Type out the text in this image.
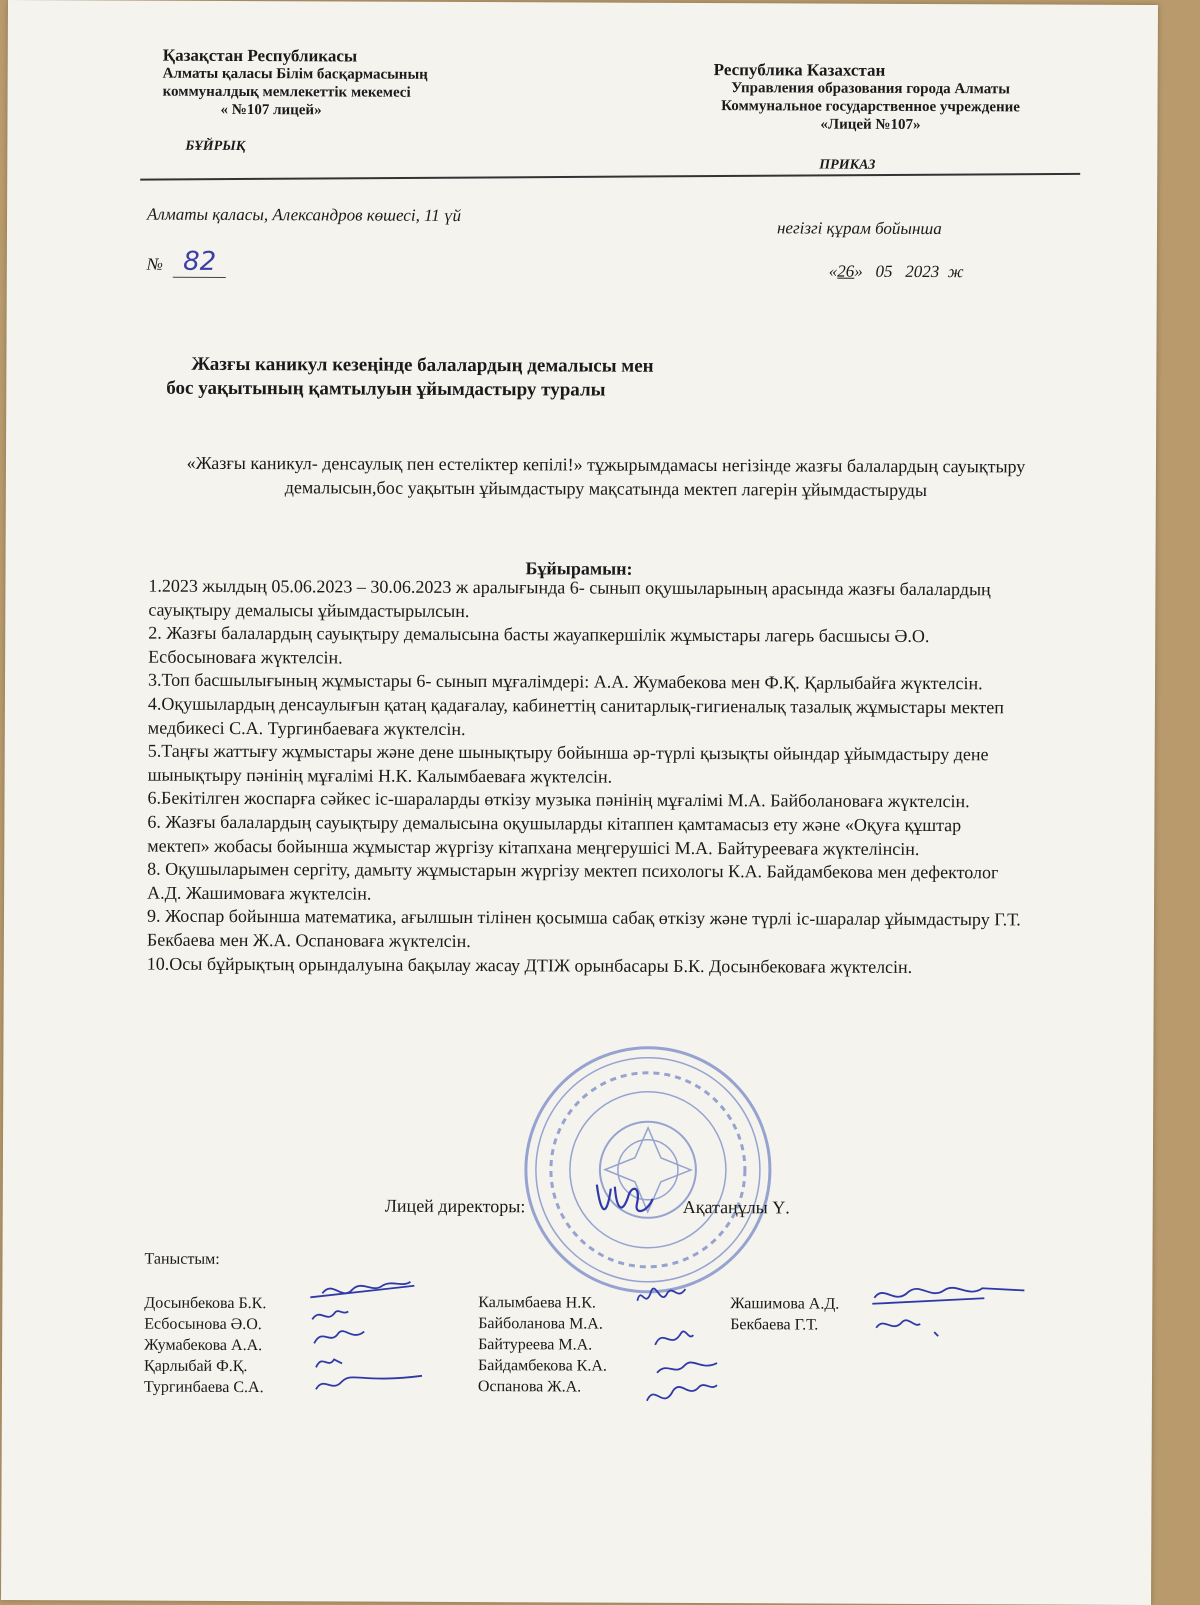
Қазақстан Республикасы
Алматы қаласы Білім басқармасының
коммуналдық мемлекеттік мекемесі
« №107 лицей»
БҰЙРЫҚ
Республика Казахстан
Управления образования города Алматы
Коммунальное государственное учреждение
«Лицей №107»
ПРИКАЗ
Алматы қаласы, Александров көшесі, 11 үй
негізгі құрам бойынша
№ 82	«26»   05 2023 ж
Жазғы каникул кезеңінде балалардың демалысы мен
бос уақытының қамтылуын ұйымдастыру туралы
«Жазғы каникул- денсаулық пен естеліктер кепілі!» тұжырымдамасы негізінде жазғы балалардың сауықтыру демалысын,бос уақытын ұйымдастыру мақсатында мектеп лагерін ұйымдастыруды
Бұйырамын:

1.2023 жылдың 05.06.2023 – 30.06.2023 ж аралығында 6- сынып оқушыларының арасында жазғы балалардың сауықтыру демалысы ұйымдастырылсын.

2. Жазғы балалардың сауықтыру демалысына басты жауапкершілік жұмыстары лагерь басшысы Ә.О. Есбосыноваға жүктелсін.

3.Топ басшылығының жұмыстары 6- сынып мұғалімдері: А.А. Жумабекова мен Ф.Қ. Қарлыбайға жүктелсін.

4.Оқушылардың денсаулығын қатаң қадағалау, кабинеттің санитарлық-гигиеналық тазалық жұмыстары мектеп медбикесі С.А. Тургинбаеваға жүктелсін.

5.Таңғы жаттығу жұмыстары және дене шынықтыру бойынша әр-түрлі қызықты ойындар ұйымдастыру дене шынықтыру пәнінің мұғалімі Н.К. Калымбаеваға жүктелсін.

6.Бекітілген жоспарға сәйкес іс-шараларды өткізу музыка пәнінің мұғалімі М.А. Байболановаға жүктелсін.

6. Жазғы балалардың сауықтыру демалысына оқушыларды кітаппен қамтамасыз ету және «Оқуға құштар мектеп» жобасы бойынша жұмыстар жүргізу кітапхана меңгерушісі М.А. Байтурееваға жүктелінсін.

8. Оқушыларымен сергіту, дамыту жұмыстарын жүргізу мектеп психологы К.А. Байдамбекова мен дефектолог А.Д. Жашимоваға жүктелсін.

9. Жоспар бойынша математика, ағылшын тілінен қосымша сабақ өткізу және түрлі іс-шаралар ұйымдастыру Г.Т. Бекбаева мен Ж.А. Оспановаға жүктелсін.

10.Осы бұйрықтың орындалуына бақылау жасау ДТІЖ орынбасары Б.К. Досынбековаға жүктелсін.

Лицей директоры:	Ақатаңұлы Ү.
Таныстым:
Досынбекова Б.К.
Есбосынова Ә.О.
Жумабекова А.А.
Қарлыбай Ф.Қ.
Тургинбаева С.А.
Калымбаева Н.К.
Байболанова М.А.
Байтуреева М.А.
Байдамбекова К.А.
Оспанова Ж.А.
Жашимова А.Д.
Бекбаева Г.Т.
